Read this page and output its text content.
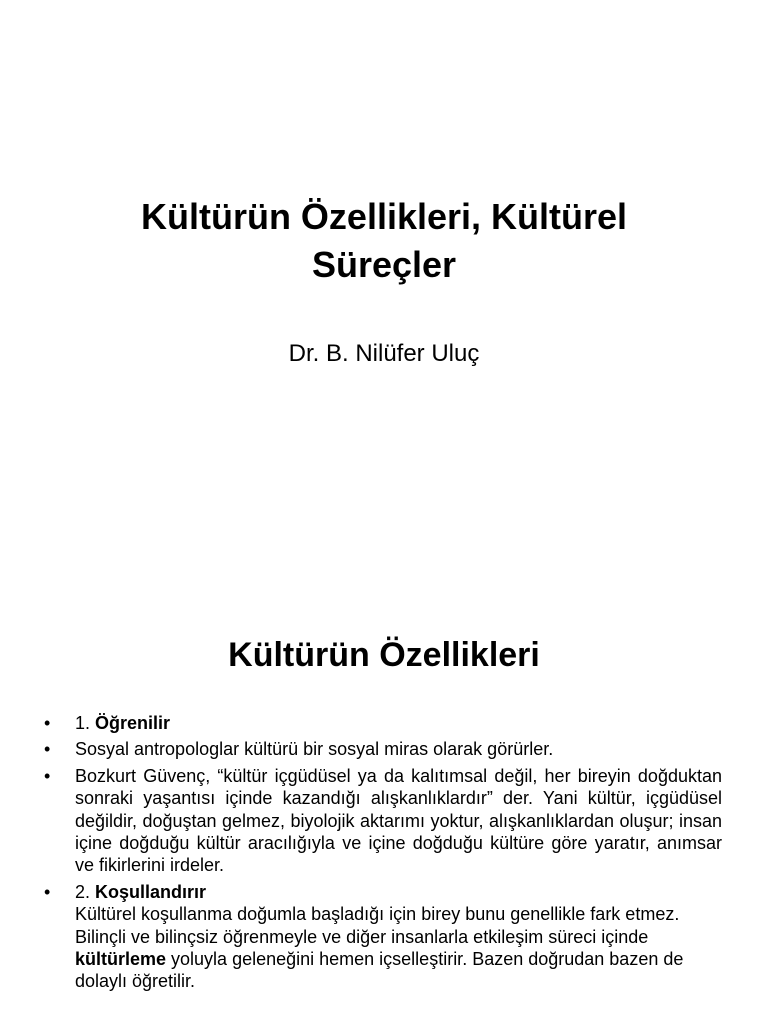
Kültürün Özellikleri, Kültürel
Süreçler
Dr. B. Nilüfer Uluç
Kültürün Özellikleri
• 1. Öğrenilir
• Sosyal antropologlar kültürü bir sosyal miras olarak görürler.
• Bozkurt Güvenç, “kültür içgüdüsel ya da kalıtımsal değil, her bireyin doğduktan sonraki yaşantısı içinde kazandığı alışkanlıklardır” der. Yani kültür, içgüdüsel değildir, doğuştan gelmez, biyolojik aktarımı yoktur, alışkanlıklardan oluşur; insan içine doğduğu kültür aracılığıyla ve içine doğduğu kültüre göre yaratır, anımsar ve fikirlerini irdeler.
• 2. Koşullandırır
Kültürel koşullanma doğumla başladığı için birey bunu genellikle fark etmez. Bilinçli ve bilinçsiz öğrenmeyle ve diğer insanlarla etkileşim süreci içinde kültürleme yoluyla geleneğini hemen içselleştirir. Bazen doğrudan bazen de dolaylı öğretilir.
